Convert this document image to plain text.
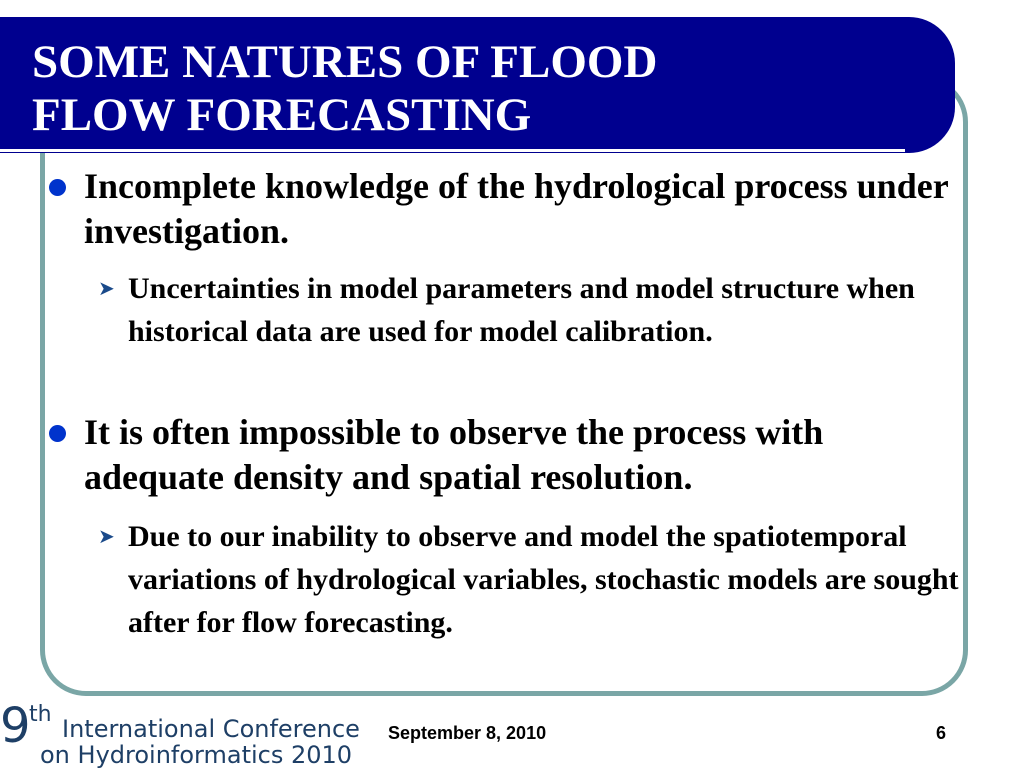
SOME NATURES OF FLOOD
FLOW FORECASTING
Incomplete knowledge of the hydrological process under investigation.
➤ Uncertainties in model parameters and model structure when historical data are used for model calibration.
It is often impossible to observe the process with adequate density and spatial resolution.
➤ Due to our inability to observe and model the spatiotemporal variations of hydrological variables, stochastic models are sought after for flow forecasting.
9
th
International Conference
on Hydroinformatics 2010
September 8, 2010	6
